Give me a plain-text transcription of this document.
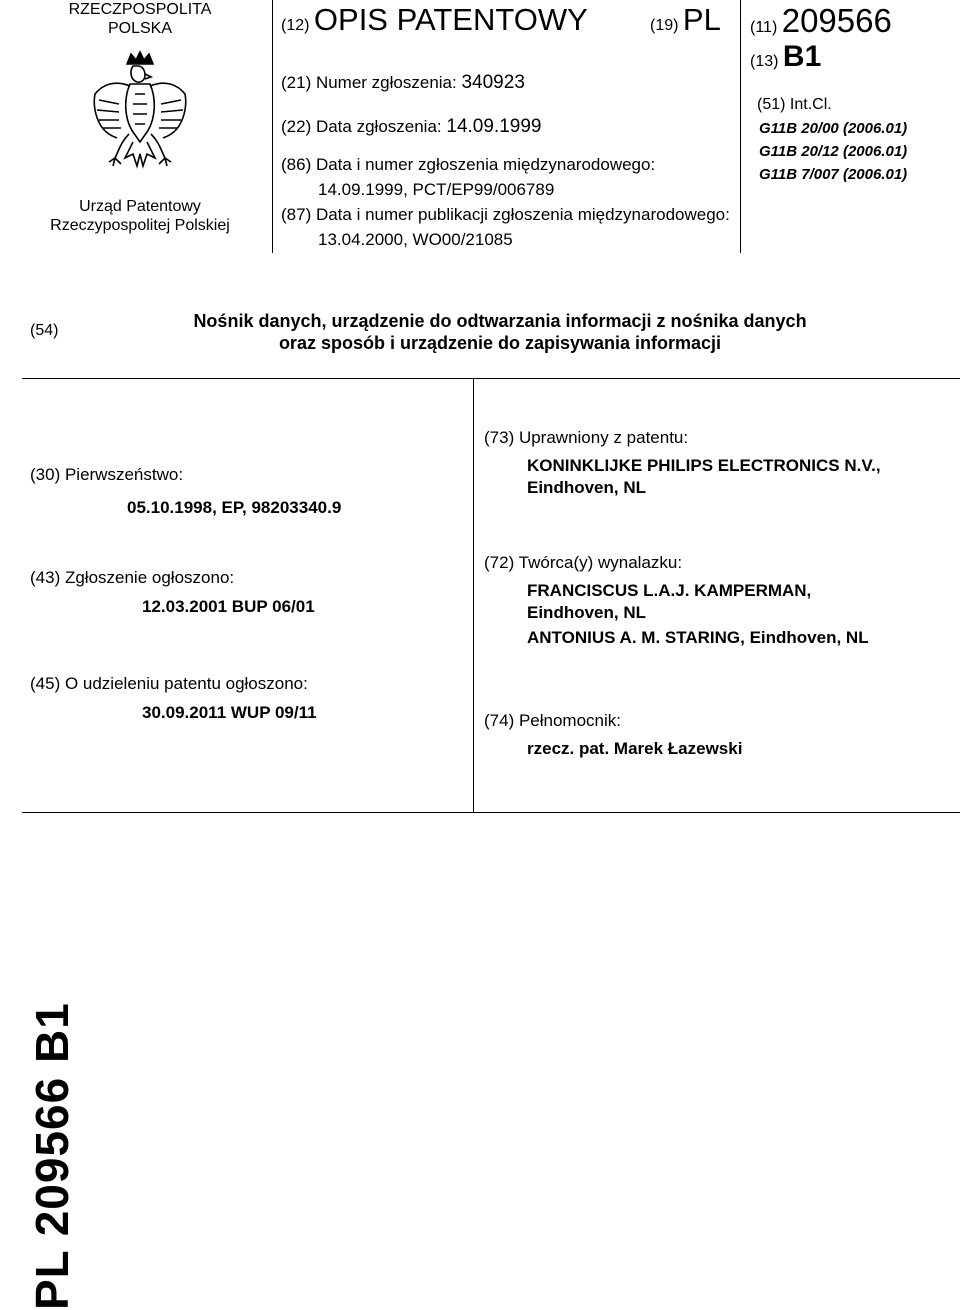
RZECZPOSPOLITA
POLSKA
Urząd Patentowy
Rzeczypospolitej Polskiej
(12) OPIS PATENTOWY	(19) PL
(21) Numer zgłoszenia: 340923
(22) Data zgłoszenia: 14.09.1999
(86) Data i numer zgłoszenia międzynarodowego:
14.09.1999, PCT/EP99/006789
(87) Data i numer publikacji zgłoszenia międzynarodowego:
13.04.2000, WO00/21085
(11) 209566
(13) B1
(51) Int.Cl.
G11B 20/00 (2006.01)
G11B 20/12 (2006.01)
G11B 7/007 (2006.01)
(54)	Nośnik danych, urządzenie do odtwarzania informacji z nośnika danych
oraz sposób i urządzenie do zapisywania informacji
(30) Pierwszeństwo:
05.10.1998, EP, 98203340.9
(43) Zgłoszenie ogłoszono:
12.03.2001 BUP 06/01
(45) O udzieleniu patentu ogłoszono:
30.09.2011 WUP 09/11
(73) Uprawniony z patentu:
KONINKLIJKE PHILIPS ELECTRONICS N.V.,
Eindhoven, NL
(72) Twórca(y) wynalazku:
FRANCISCUS L.A.J. KAMPERMAN,
Eindhoven, NL
ANTONIUS A. M. STARING, Eindhoven, NL
(74) Pełnomocnik:
rzecz. pat. Marek Łazewski
PL 209566 B1
